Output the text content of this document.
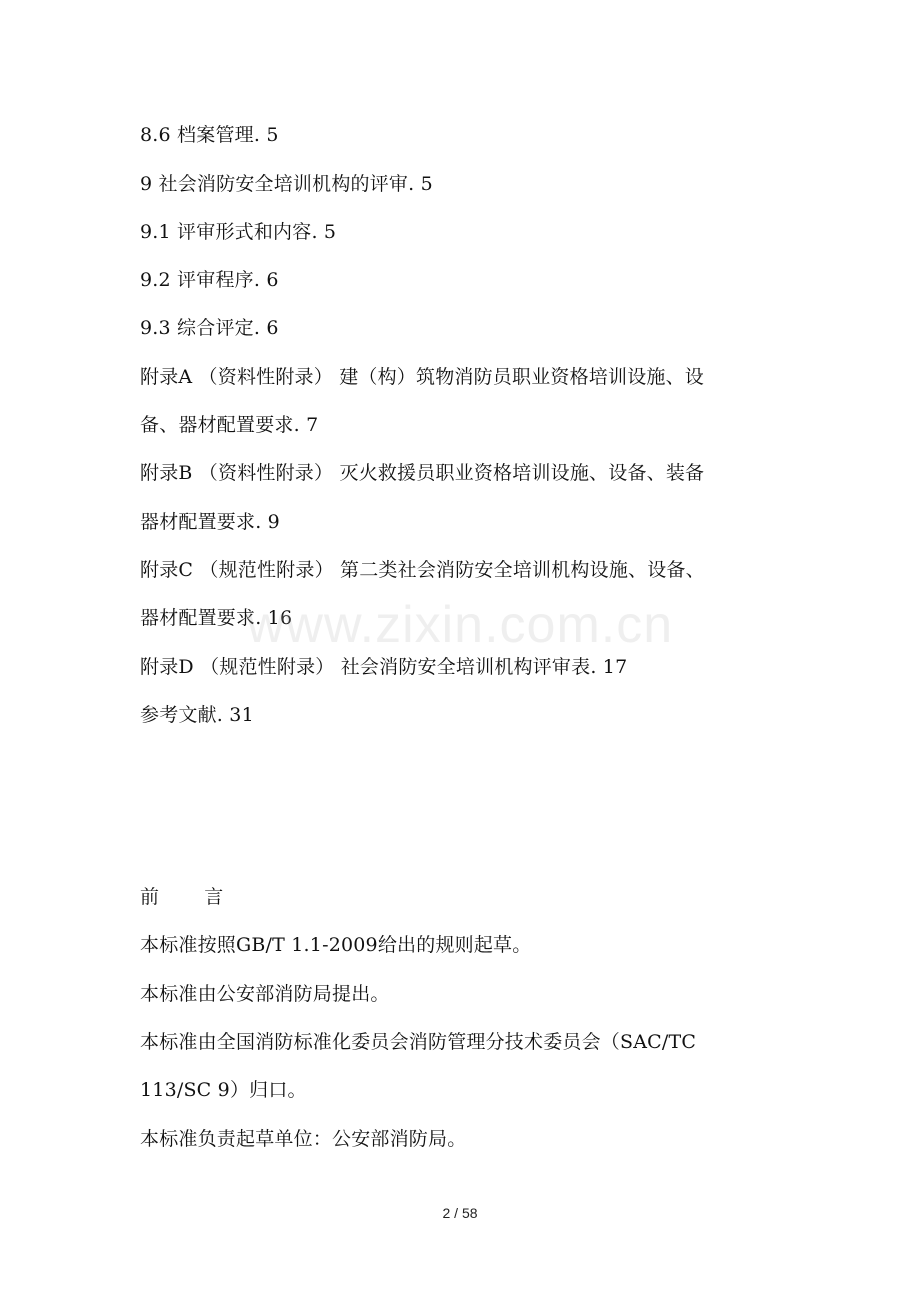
8.6 档案管理. 5
9 社会消防安全培训机构的评审. 5
9.1 评审形式和内容. 5
9.2 评审程序. 6
9.3 综合评定. 6
附录A （资料性附录） 建（构）筑物消防员职业资格培训设施、设
备、器材配置要求. 7
附录B （资料性附录） 灭火救援员职业资格培训设施、设备、装备
器材配置要求. 9
附录C （规范性附录） 第二类社会消防安全培训机构设施、设备、
器材配置要求. 16
附录D （规范性附录） 社会消防安全培训机构评审表. 17
参考文献. 31
前 言
本标准按照GB/T 1.1-2009给出的规则起草。
本标准由公安部消防局提出。
本标准由全国消防标准化委员会消防管理分技术委员会（SAC/TC
113/SC 9）归口。
本标准负责起草单位：公安部消防局。
www.zixin.com.cn
2 / 58
